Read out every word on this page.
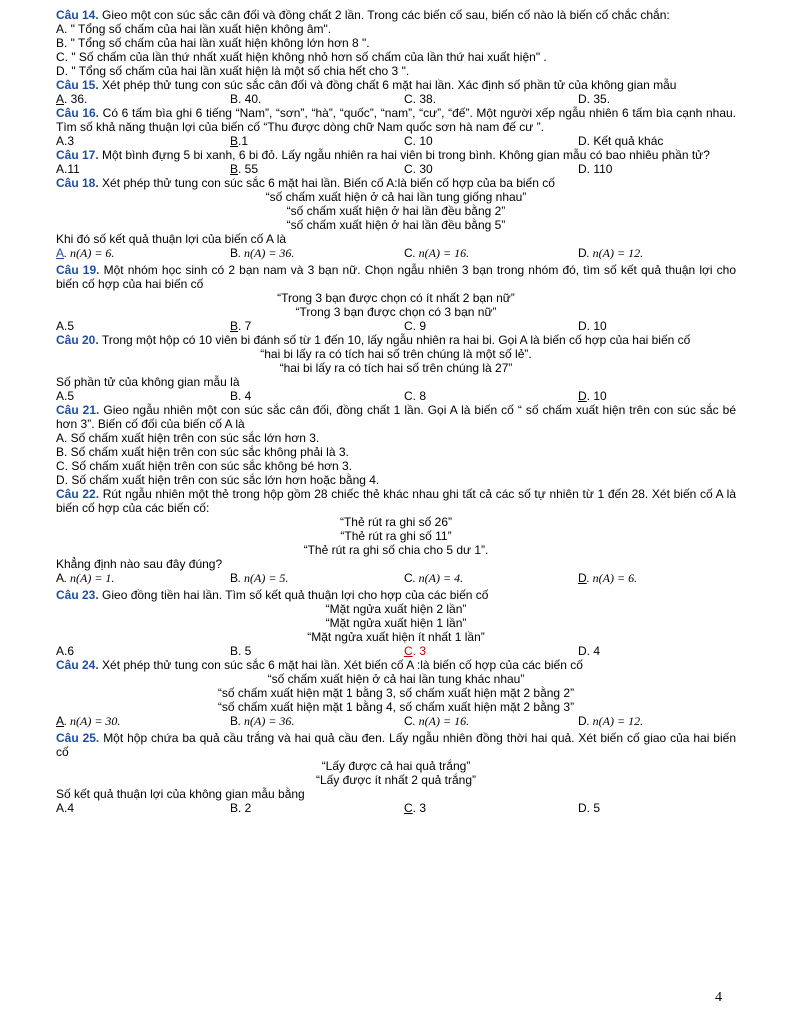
Câu 14. Gieo một con súc sắc cân đối và đồng chất 2 lần. Trong các biến cố sau, biến cố nào là biến cố chắc chắn:
A. " Tổng số chấm của hai lần xuất hiện không âm".
B. " Tổng số chấm của hai lần xuất hiện không lớn hơn 8 ".
C. " Số chấm của lần thứ nhất xuất hiện không nhỏ hơn số chấm của lần thứ hai xuất hiện" .
D. " Tổng số chấm của hai lần xuất hiện là một số chia hết cho 3 ".
Câu 15. Xét phép thử tung con súc sắc cân đối và đồng chất 6 mặt hai lần. Xác định số phần tử của không gian mẫu
A. 36.	B. 40.	C. 38.	D. 35.
Câu 16. Có 6 tấm bìa ghi 6 tiếng “Nam”, “sơn”, “hà”, “quốc”, “nam”, “cư”, “đế”. Một người xếp ngẫu nhiên 6 tấm bìa cạnh nhau. Tìm số khả năng thuận lợi của biến cố “Thu được dòng chữ Nam quốc sơn hà nam đế cư ”.
A.3	B.1	C. 10	D. Kết quả khác
Câu 17. Một bình đựng 5 bi xanh, 6 bi đỏ. Lấy ngẫu nhiên ra hai viên bi trong bình. Không gian mẫu có bao nhiêu phần tử?
A.11	B. 55	C. 30	D. 110
Câu 18. Xét phép thử tung con súc sắc 6 mặt hai lần. Biến cố A:là biến cố hợp của ba biến cố
“số chấm xuất hiện ở cả hai lần tung giống nhau”
“số chấm xuất hiện ở hai lần đều bằng 2”
“số chấm xuất hiện ở hai lần đều bằng 5”
Khi đó số kết quả thuận lợi của biến cố A là
A. n(A) = 6.	B. n(A) = 36.	C. n(A) = 16.	D. n(A) = 12.
Câu 19. Một nhóm học sinh có 2 bạn nam và 3 bạn nữ. Chọn ngẫu nhiên 3 bạn trong nhóm đó, tìm số kết quả thuận lợi cho biến cố hợp của hai biến cố
“Trong 3 bạn được chọn có ít nhất 2 bạn nữ”
“Trong 3 bạn được chọn có 3 bạn nữ”
A.5	B. 7	C. 9	D. 10
Câu 20. Trong một hộp có 10 viên bi đánh số từ 1 đến 10, lấy ngẫu nhiên ra hai bi. Gọi A là biến cố hợp của hai biến cố
“hai bi lấy ra có tích hai số trên chúng là một số lẻ”.
“hai bi lấy ra có tích hai số trên chúng là 27”
Số phần tử của không gian mẫu là
A.5	B. 4	C. 8	D. 10
Câu 21. Gieo ngẫu nhiên một con súc sắc cân đối, đồng chất 1 lần. Gọi A là biến cố “ số chấm xuất hiện trên con súc sắc bé hơn 3”. Biến cố đối của biến cố A là
A. Số chấm xuất hiện trên con súc sắc lớn hơn 3.
B. Số chấm xuất hiện trên con súc sắc không phải là 3.
C. Số chấm xuất hiện trên con súc sắc không bé hơn 3.
D. Số chấm xuất hiện trên con súc sắc lớn hơn hoặc bằng 4.
Câu 22. Rút ngẫu nhiên một thẻ trong hộp gồm 28 chiếc thẻ khác nhau ghi tất cả các số tự nhiên từ 1 đến 28. Xét biến cố A là biến cố hợp của các biến cố:
“Thẻ rút ra ghi số 26”
“Thẻ rút ra ghi số 11”
“Thẻ rút ra ghi số chia cho 5 dư 1”.
Khẳng định nào sau đây đúng?
A. n(A) = 1.	B. n(A) = 5.	C. n(A) = 4.	D. n(A) = 6.
Câu 23. Gieo đồng tiền hai lần. Tìm số kết quả thuận lợi cho hợp của các biến cố
“Mặt ngửa xuất hiện 2 lần”
“Mặt ngửa xuất hiện 1 lần”
“Mặt ngửa xuất hiện ít nhất 1 lần”
A.6	B. 5	C. 3	D. 4
Câu 24. Xét phép thử tung con súc sắc 6 mặt hai lần. Xét biến cố A :là biến cố hợp của các biến cố
“số chấm xuất hiện ở cả hai lần tung khác nhau”
“số chấm xuất hiện mặt 1 bằng 3, số chấm xuất hiện mặt 2 bằng 2”
“số chấm xuất hiện mặt 1 bằng 4, số chấm xuất hiện mặt 2 bằng 3”
A. n(A) = 30.	B. n(A) = 36.	C. n(A) = 16.	D. n(A) = 12.
Câu 25. Một hộp chứa ba quả cầu trắng và hai quả cầu đen. Lấy ngẫu nhiên đồng thời hai quả. Xét biến cố giao của hai biến cố
“Lấy được cả hai quả trắng”
“Lấy được ít nhất 2 quả trắng”
Số kết quả thuận lợi của không gian mẫu bằng
A.4	B. 2	C. 3	D. 5
4
